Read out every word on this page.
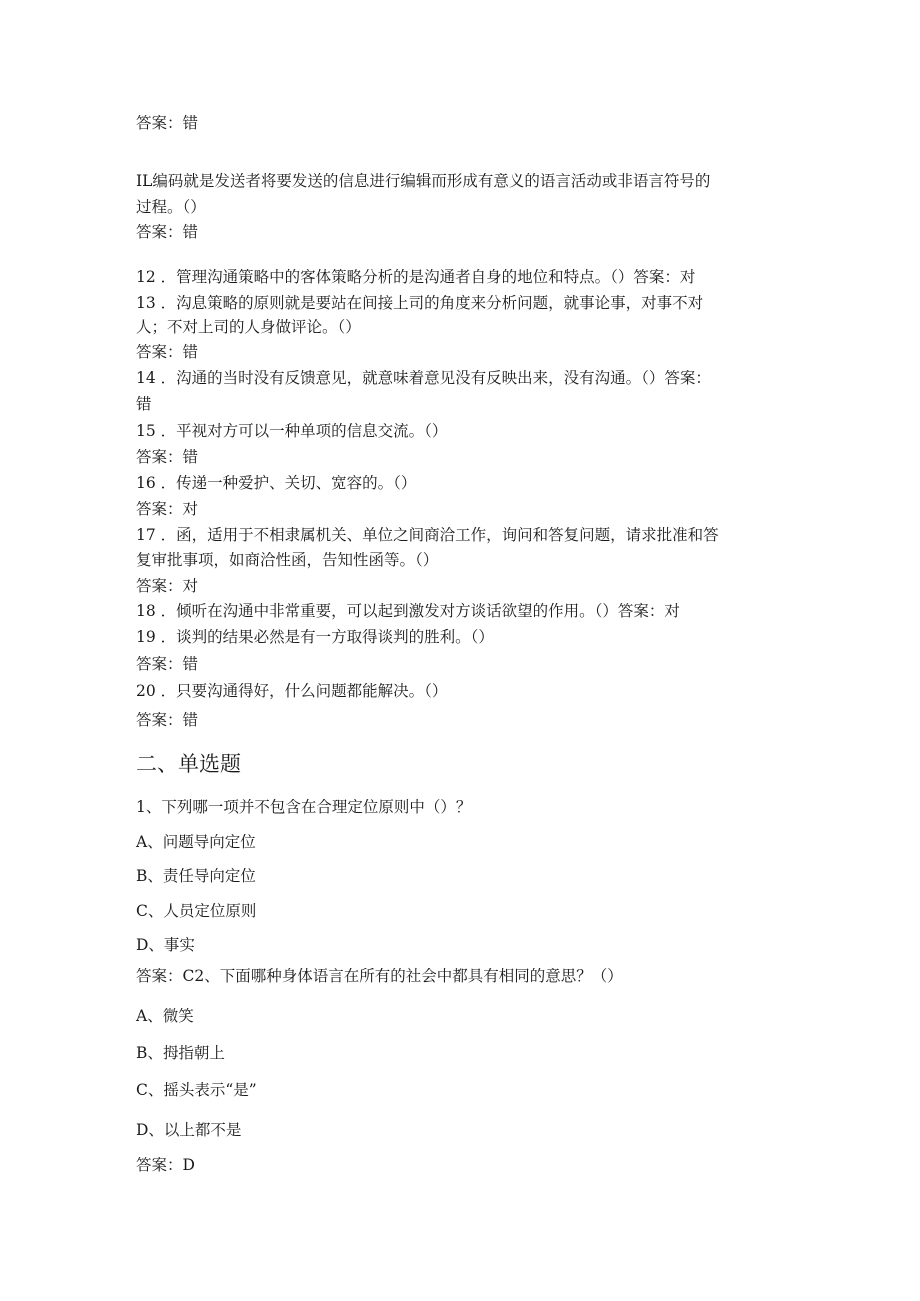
答案：错
IL编码就是发送者将要发送的信息进行编辑而形成有意义的语言活动或非语言符号的
过程。（）
答案：错
12 ．管理沟通策略中的客体策略分析的是沟通者自身的地位和特点。（）答案：对
13 ．沟息策略的原则就是要站在间接上司的角度来分析问题，就事论事，对事不对
人；不对上司的人身做评论。（）
答案：错
14 ．沟通的当时没有反馈意见，就意味着意见没有反映出来，没有沟通。（）答案：
错
15 ．平视对方可以一种单项的信息交流。（）
答案：错
16 ．传递一种爱护、关切、宽容的。（）
答案：对
17 ．函，适用于不相隶属机关、单位之间商洽工作，询问和答复问题，请求批准和答
复审批事项，如商洽性函，告知性函等。（）
答案：对
18 ．倾听在沟通中非常重要，可以起到激发对方谈话欲望的作用。（）答案：对
19 ．谈判的结果必然是有一方取得谈判的胜利。（）
答案：错
20 ．只要沟通得好，什么问题都能解决。（）
答案：错
二、单选题
1、下列哪一项并不包含在合理定位原则中（）？
A、问题导向定位
B、责任导向定位
C、人员定位原则
D、事实
答案：C2、下面哪种身体语言在所有的社会中都具有相同的意思？（）
A、微笑
B、拇指朝上
C、摇头表示“是”
D、以上都不是
答案：D
